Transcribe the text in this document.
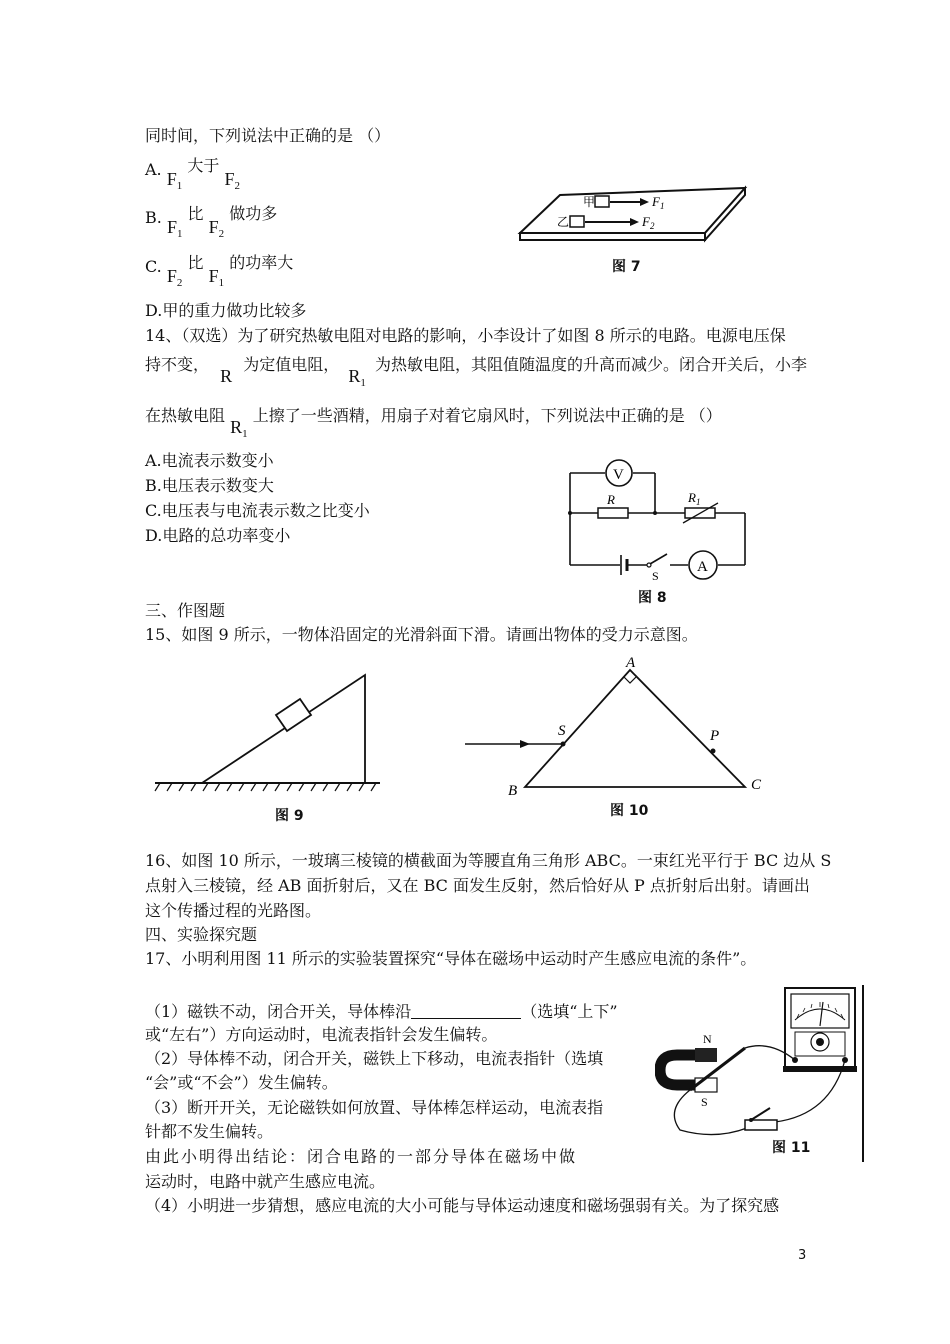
同时间，下列说法中正确的是 （）
A. $F_1$ 大于 $F_2$
B. $F_1$ 比 $F_2$ 做功多
C. $F_2$ 比 $F_1$ 的功率大
D.甲的重力做功比较多
甲	$F_1$
乙	$F_2$
图 7
14、（双选）为了研究热敏电阻对电路的影响，小李设计了如图 8 所示的电路。电源电压保
持不变， R 为定值电阻， $R_1$ 为热敏电阻，其阻值随温度的升高而减少。闭合开关后，小李
在热敏电阻 $R_1$ 上擦了一些酒精，用扇子对着它扇风时，下列说法中正确的是 （）
A.电流表示数变小
B.电压表示数变大
C.电压表与电流表示数之比变小
D.电路的总功率变小
V
R	$R_1$
S
A
图 8
三、作图题
15、如图 9 所示，一物体沿固定的光滑斜面下滑。请画出物体的受力示意图。
图 9
A
B	C
S	P
图 10
16、如图 10 所示，一玻璃三棱镜的横截面为等腰直角三角形 ABC。一束红光平行于 BC 边从 S
点射入三棱镜，经 AB 面折射后，又在 BC 面发生反射，然后恰好从 P 点折射后出射。请画出
这个传播过程的光路图。
四、实验探究题
17、小明利用图 11 所示的实验装置探究“导体在磁场中运动时产生感应电流的条件”。
（1）磁铁不动，闭合开关，导体棒沿	（选填“上下”
或“左右”）方向运动时，电流表指针会发生偏转。
（2）导体棒不动，闭合开关，磁铁上下移动，电流表指针（选填
“会”或“不会”）发生偏转。
（3）断开开关，无论磁铁如何放置、导体棒怎样运动，电流表指
针都不发生偏转。
由此小明得出结论：闭合电路的一部分导体在磁场中做
运动时，电路中就产生感应电流。
（4）小明进一步猜想，感应电流的大小可能与导体运动速度和磁场强弱有关。为了探究感
N
S
图 11
3
